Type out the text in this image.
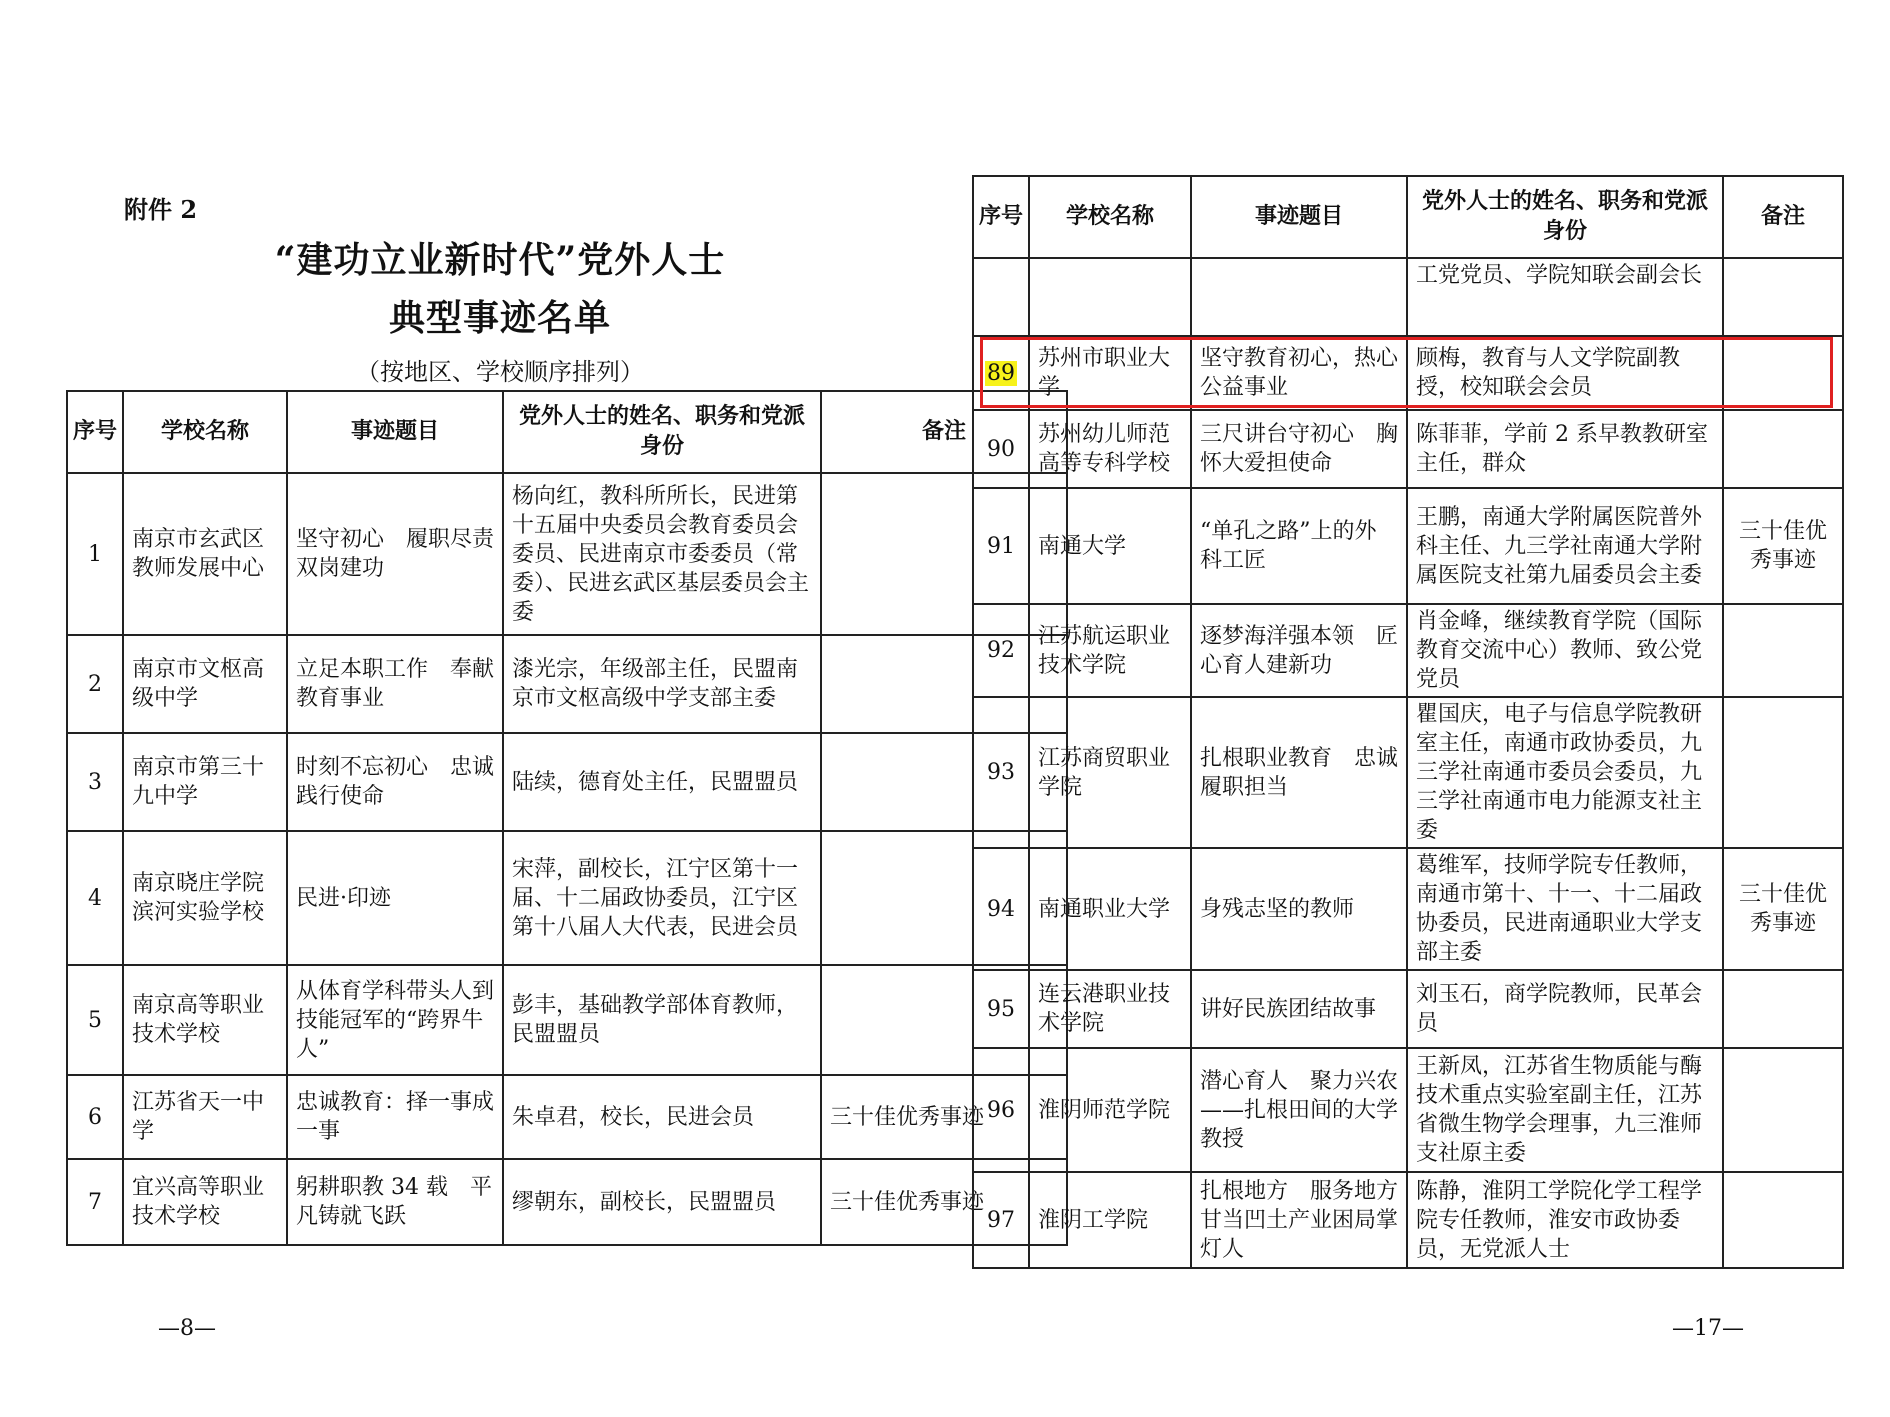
附件 2
“建功立业新时代”党外人士
典型事迹名单
（按地区、学校顺序排列）
序号	学校名称	事迹题目	党外人士的姓名、职务和党派身份	备注
1	南京市玄武区教师发展中心	坚守初心　履职尽责　双岗建功	杨向红，教科所所长，民进第十五届中央委员会教育委员会委员、民进南京市委委员（常委）、民进玄武区基层委员会主委	
2	南京市文枢高级中学	立足本职工作　奉献教育事业	漆光宗，年级部主任，民盟南京市文枢高级中学支部主委	
3	南京市第三十九中学	时刻不忘初心　忠诚践行使命	陆续，德育处主任，民盟盟员	
4	南京晓庄学院滨河实验学校	民进·印迹	宋萍，副校长，江宁区第十一届、十二届政协委员，江宁区第十八届人大代表，民进会员	
5	南京高等职业技术学校	从体育学科带头人到技能冠军的“跨界牛人”	彭丰，基础教学部体育教师，民盟盟员	
6	江苏省天一中学	忠诚教育：择一事成一事	朱卓君，校长，民进会员	三十佳优秀事迹
7	宜兴高等职业技术学校	躬耕职教 34 载　平凡铸就飞跃	缪朝东，副校长，民盟盟员	三十佳优秀事迹
—8—
序号	学校名称	事迹题目	党外人士的姓名、职务和党派身份	备注
			工党党员、学院知联会副会长	
89	苏州市职业大学	坚守教育初心，热心公益事业	顾梅，教育与人文学院副教授，校知联会会员	
90	苏州幼儿师范高等专科学校	三尺讲台守初心　胸怀大爱担使命	陈菲菲，学前 2 系早教教研室主任，群众	
91	南通大学	“单孔之路”上的外科工匠	王鹏，南通大学附属医院普外科主任、九三学社南通大学附属医院支社第九届委员会主委	三十佳优秀事迹
92	江苏航运职业技术学院	逐梦海洋强本领　匠心育人建新功	肖金峰，继续教育学院（国际教育交流中心）教师、致公党党员	
93	江苏商贸职业学院	扎根职业教育　忠诚履职担当	瞿国庆，电子与信息学院教研室主任，南通市政协委员，九三学社南通市委员会委员，九三学社南通市电力能源支社主委	
94	南通职业大学	身残志坚的教师	葛维军，技师学院专任教师，南通市第十、十一、十二届政协委员，民进南通职业大学支部主委	三十佳优秀事迹
95	连云港职业技术学院	讲好民族团结故事	刘玉石，商学院教师，民革会员	
96	淮阴师范学院	潜心育人　聚力兴农——扎根田间的大学教授	王新凤，江苏省生物质能与酶技术重点实验室副主任，江苏省微生物学会理事，九三淮师支社原主委	
97	淮阴工学院	扎根地方　服务地方　甘当凹土产业困局掌灯人	陈静，淮阴工学院化学工程学院专任教师，淮安市政协委员，无党派人士	
—17—
